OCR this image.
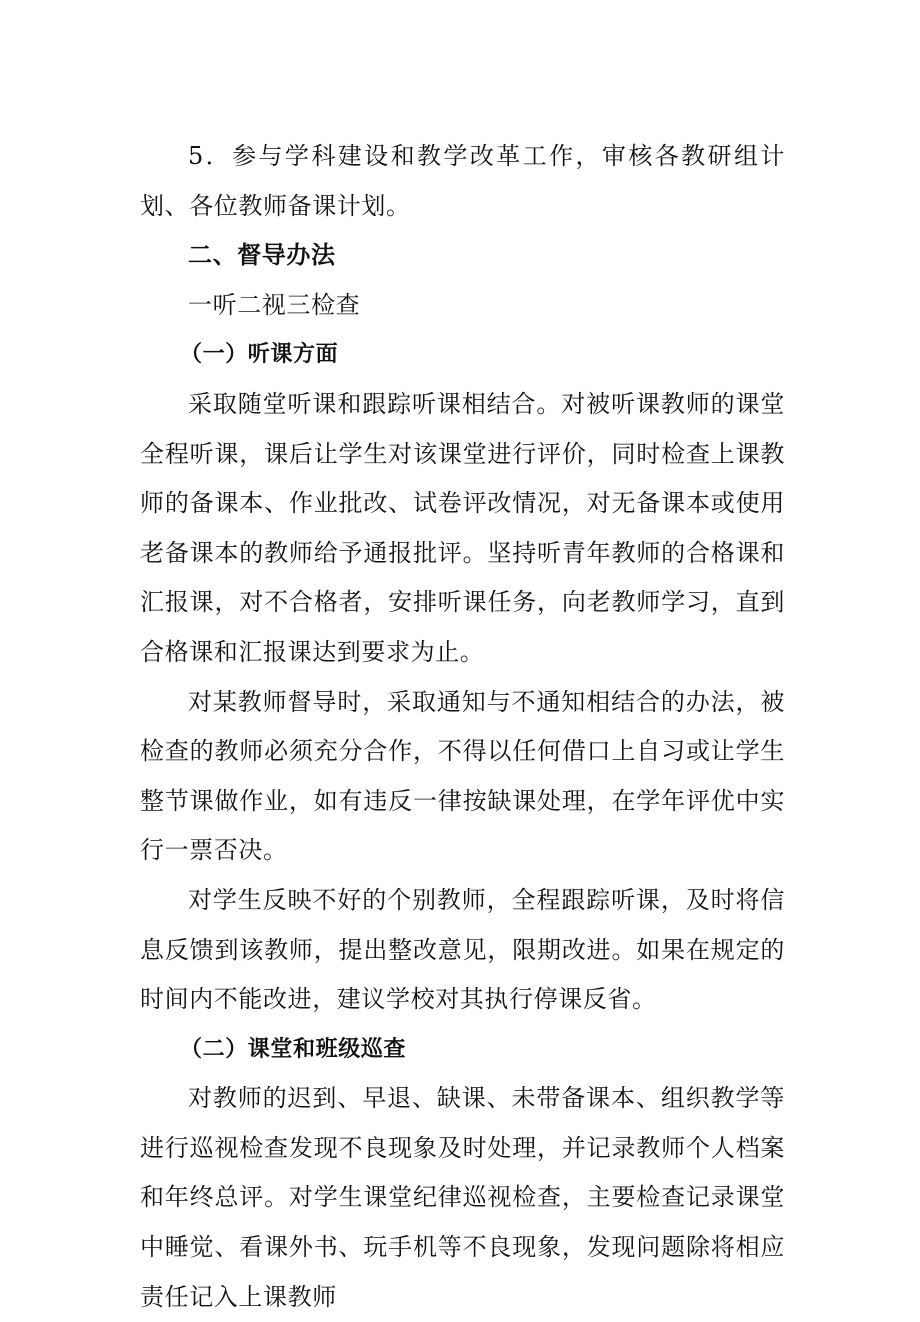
5．参与学科建设和教学改革工作，审核各教研组计划、各位教师备课计划。

二、督导办法

一听二视三检查

（一）听课方面

采取随堂听课和跟踪听课相结合。对被听课教师的课堂全程听课，课后让学生对该课堂进行评价，同时检查上课教师的备课本、作业批改、试卷评改情况，对无备课本或使用老备课本的教师给予通报批评。坚持听青年教师的合格课和汇报课，对不合格者，安排听课任务，向老教师学习，直到合格课和汇报课达到要求为止。

对某教师督导时，采取通知与不通知相结合的办法，被检查的教师必须充分合作，不得以任何借口上自习或让学生整节课做作业，如有违反一律按缺课处理，在学年评优中实行一票否决。

对学生反映不好的个别教师，全程跟踪听课，及时将信息反馈到该教师，提出整改意见，限期改进。如果在规定的时间内不能改进，建议学校对其执行停课反省。

（二）课堂和班级巡查

对教师的迟到、早退、缺课、未带备课本、组织教学等进行巡视检查发现不良现象及时处理，并记录教师个人档案和年终总评。对学生课堂纪律巡视检查，主要检查记录课堂中睡觉、看课外书、玩手机等不良现象，发现问题除将相应责任记入上课教师
